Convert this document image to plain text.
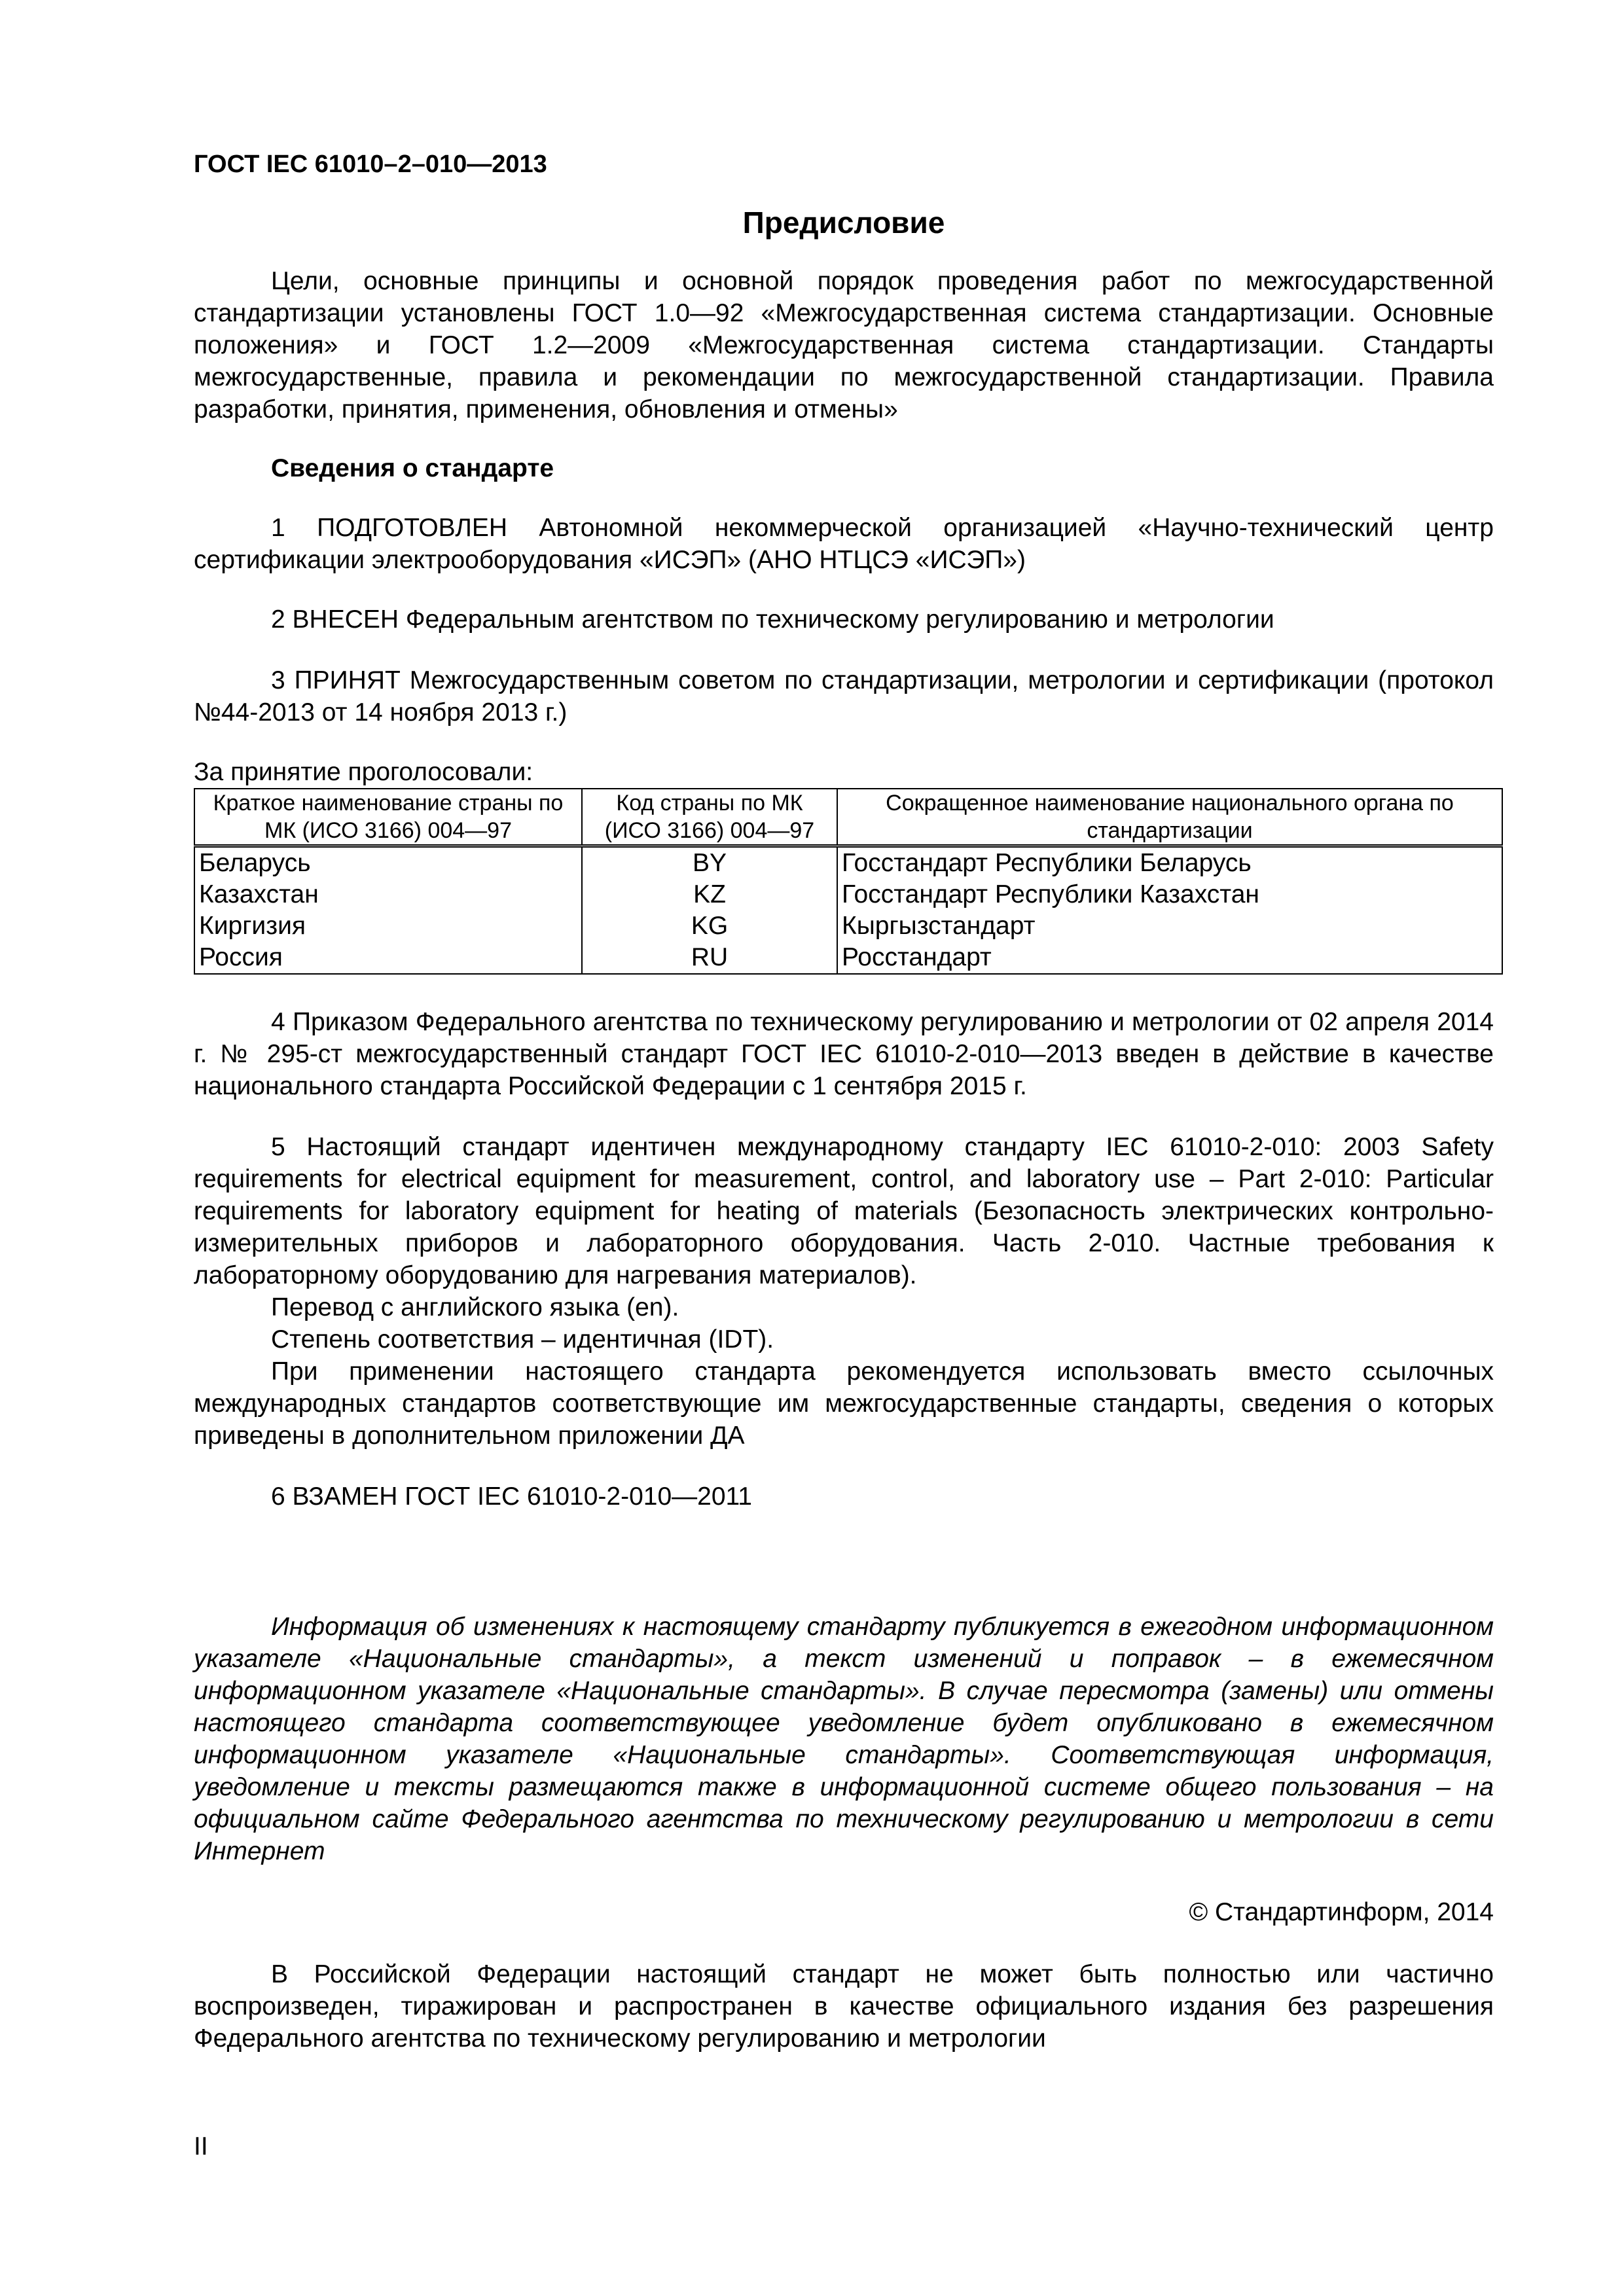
ГОСТ IEC 61010–2–010—2013

Предисловие

Цели, основные принципы и основной порядок проведения работ по межгосударственной стандартизации установлены ГОСТ 1.0—92 «Межгосударственная система стандартизации. Основные положения» и ГОСТ 1.2—2009 «Межгосударственная система стандартизации. Стандарты межгосударственные, правила и рекомендации по межгосударственной стандартизации. Правила разработки, принятия, применения, обновления и отмены»

Сведения о стандарте

1 ПОДГОТОВЛЕН Автономной некоммерческой организацией «Научно-технический центр сертификации электрооборудования «ИСЭП» (АНО НТЦСЭ «ИСЭП»)

2 ВНЕСЕН Федеральным агентством по техническому регулированию и метрологии

3 ПРИНЯТ Межгосударственным советом по стандартизации, метрологии и сертификации (протокол №44-2013 от 14 ноября 2013 г.)

За принятие проголосовали:

Краткое наименование страны по МК (ИСО 3166) 004—97	Код страны по МК (ИСО 3166) 004—97	Сокращенное наименование национального органа по стандартизации
Беларусь	BY	Госстандарт Республики Беларусь
Казахстан	KZ	Госстандарт Республики Казахстан
Киргизия	KG	Кыргызстандарт
Россия	RU	Росстандарт

4 Приказом Федерального агентства по техническому регулированию и метрологии от 02 апреля 2014 г. № 295-ст межгосударственный стандарт ГОСТ IEC 61010-2-010—2013 введен в действие в качестве национального стандарта Российской Федерации с 1 сентября 2015 г.

5 Настоящий стандарт идентичен международному стандарту IEC 61010-2-010: 2003 Safety requirements for electrical equipment for measurement, control, and laboratory use – Part 2-010: Particular requirements for laboratory equipment for heating of materials (Безопасность электрических контрольно-измерительных приборов и лабораторного оборудования. Часть 2-010. Частные требования к лабораторному оборудованию для нагревания материалов).

Перевод с английского языка (en).

Степень соответствия – идентичная (IDT).

При применении настоящего стандарта рекомендуется использовать вместо ссылочных международных стандартов соответствующие им межгосударственные стандарты, сведения о которых приведены в дополнительном приложении ДА

6 ВЗАМЕН ГОСТ IEC 61010-2-010—2011

Информация об изменениях к настоящему стандарту публикуется в ежегодном информационном указателе «Национальные стандарты», а текст изменений и поправок – в ежемесячном информационном указателе «Национальные стандарты». В случае пересмотра (замены) или отмены настоящего стандарта соответствующее уведомление будет опубликовано в ежемесячном информационном указателе «Национальные стандарты». Соответствующая информация, уведомление и тексты размещаются также в информационной системе общего пользования – на официальном сайте Федерального агентства по техническому регулированию и метрологии в сети Интернет

© Стандартинформ, 2014

В Российской Федерации настоящий стандарт не может быть полностью или частично воспроизведен, тиражирован и распространен в качестве официального издания без разрешения Федерального агентства по техническому регулированию и метрологии

II
